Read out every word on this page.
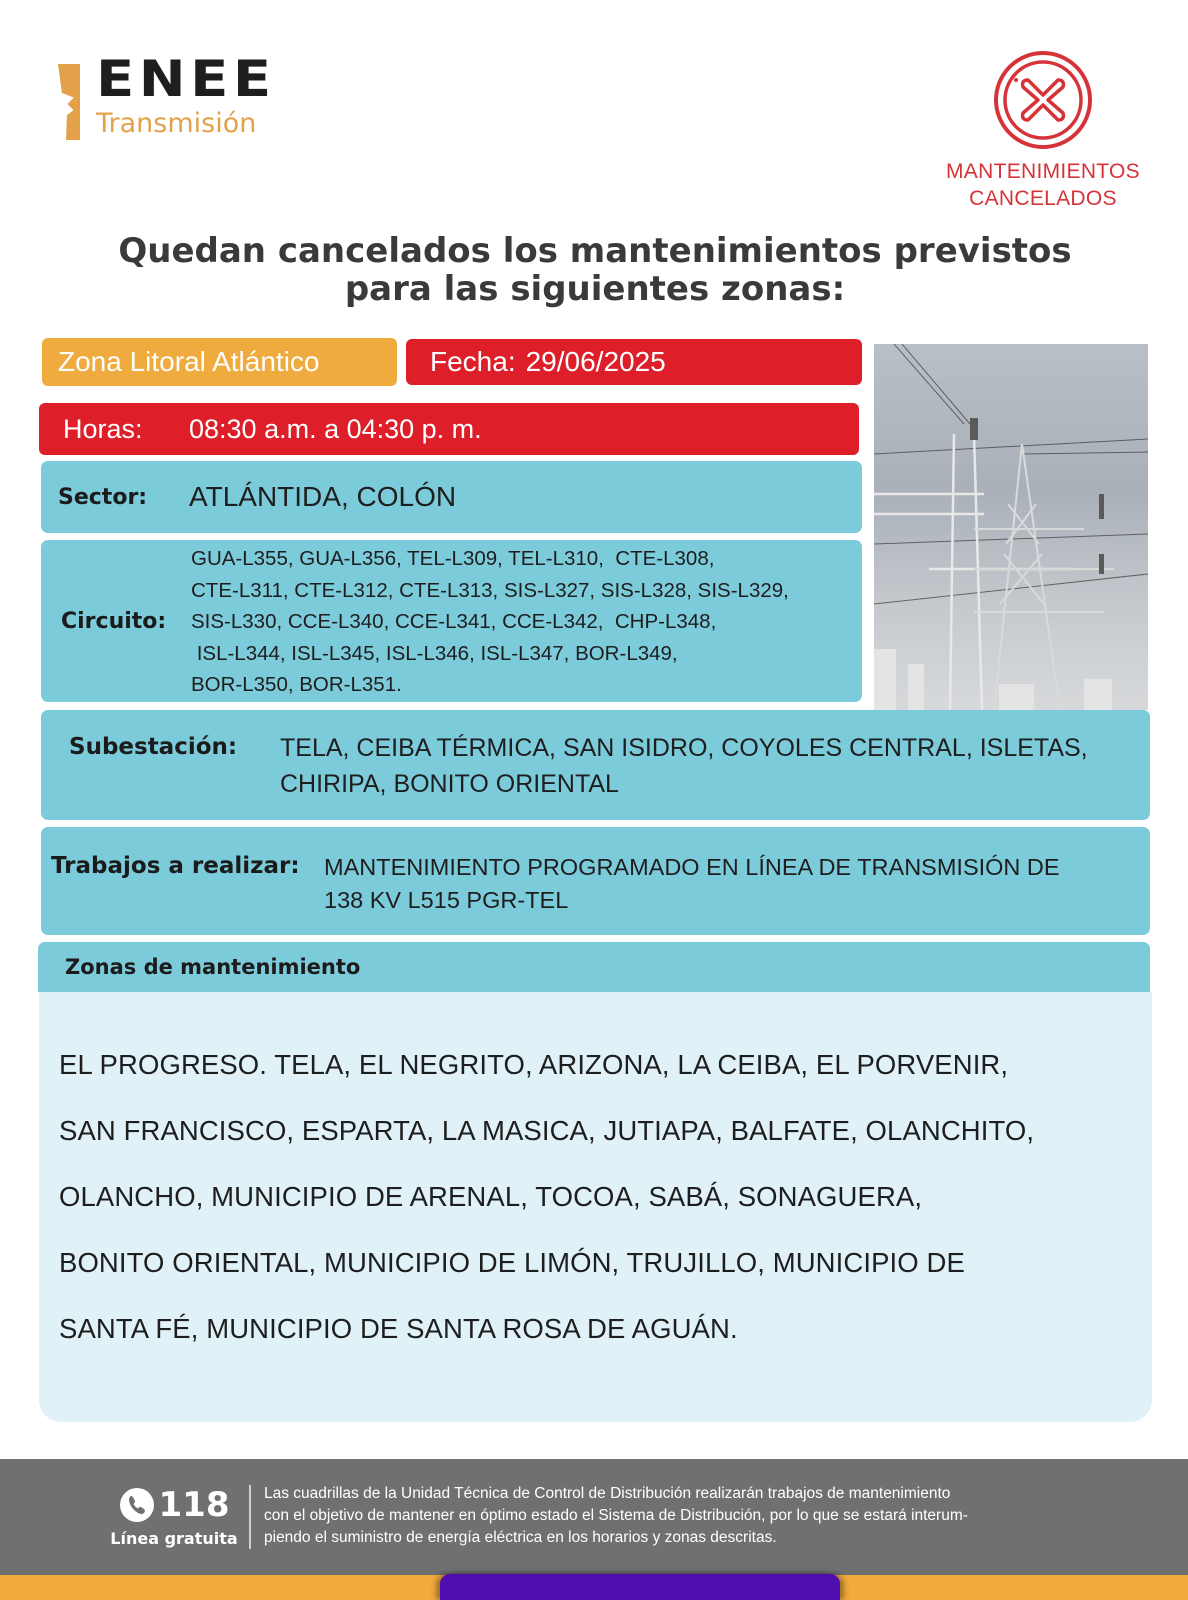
ENEE
Transmisión
MANTENIMIENTOS
CANCELADOS
Quedan cancelados los mantenimientos previstos
para las siguientes zonas:
Zona Litoral Atlántico	Fecha: 29/06/2025
Horas:	08:30 a.m. a 04:30 p. m.
Sector:	ATLÁNTIDA, COLÓN
Circuito:
GUA-L355, GUA-L356, TEL-L309, TEL-L310,  CTE-L308,
CTE-L311, CTE-L312, CTE-L313, SIS-L327, SIS-L328, SIS-L329,
SIS-L330, CCE-L340, CCE-L341, CCE-L342,  CHP-L348,
ISL-L344, ISL-L345, ISL-L346, ISL-L347, BOR-L349,
BOR-L350, BOR-L351.
Subestación:	TELA, CEIBA TÉRMICA, SAN ISIDRO, COYOLES CENTRAL, ISLETAS,
CHIRIPA, BONITO ORIENTAL
Trabajos a realizar:	MANTENIMIENTO PROGRAMADO EN LÍNEA DE TRANSMISIÓN DE
138 KV L515 PGR-TEL
Zonas de mantenimiento
EL PROGRESO. TELA, EL NEGRITO, ARIZONA, LA CEIBA, EL PORVENIR,
SAN FRANCISCO, ESPARTA, LA MASICA, JUTIAPA, BALFATE, OLANCHITO,
OLANCHO, MUNICIPIO DE ARENAL, TOCOA, SABÁ, SONAGUERA,
BONITO ORIENTAL, MUNICIPIO DE LIMÓN, TRUJILLO, MUNICIPIO DE
SANTA FÉ, MUNICIPIO DE SANTA ROSA DE AGUÁN.
118
Línea gratuita
Las cuadrillas de la Unidad Técnica de Control de Distribución realizarán trabajos de mantenimiento
con el objetivo de mantener en óptimo estado el Sistema de Distribución, por lo que se estará interum-
piendo el suministro de energía eléctrica en los horarios y zonas descritas.
